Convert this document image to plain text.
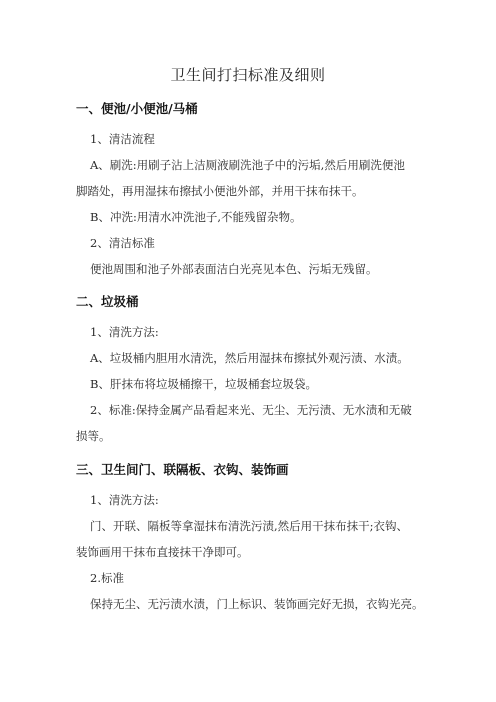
卫生间打扫标准及细则
一、便池/小便池/马桶
1、清洁流程
A、刷洗:用刷子沾上洁厕液刷洗池子中的污垢,然后用刷洗便池
脚踏处，再用湿抹布擦拭小便池外部，并用干抹布抹干。
B、冲洗:用清水冲洗池子,不能残留杂物。
2、清洁标准
便池周围和池子外部表面洁白光亮见本色、污垢无残留。
二、垃圾桶
1、清洗方法:
A、垃圾桶内胆用水清洗，然后用湿抹布擦拭外观污渍、水渍。
B、肝抹布将垃圾桶擦干，垃圾桶套垃圾袋。
2、标准:保持金属产品看起来光、无尘、无污渍、无水渍和无破
损等。
三、卫生间门、联隔板、衣钩、装饰画
1、清洗方法:
门、开联、隔板等拿湿抹布清洗污渍,然后用干抹布抹干;衣钩、
装饰画用干抹布直接抹干净即可。
2.标准
保持无尘、无污渍水渍，门上标识、装饰画完好无损，衣钩光亮。
